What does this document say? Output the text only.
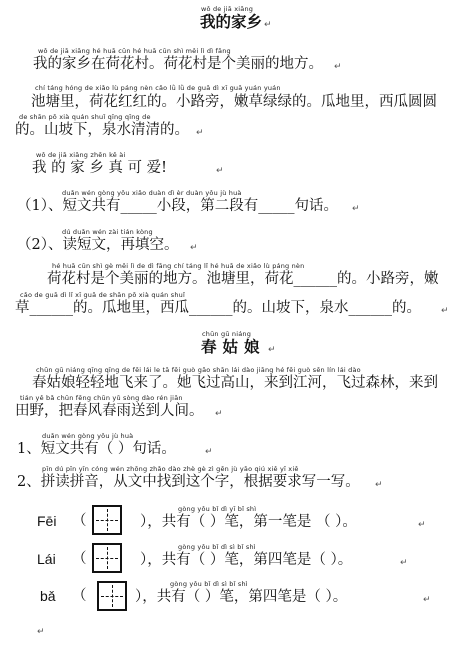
wǒ de jiā xiāng
我的家乡
wǒ de jiā xiāng hé huā cūn hé huā cūn shì měi lì dì fāng
我的家乡在荷花村。荷花村是个美丽的地方。
chí táng hóng de xiǎo lù páng nèn cǎo lǜ lǜ de guā dì xī guā yuán yuán
池塘里，荷花红红的。小路旁，嫩草绿绿的。瓜地里，西瓜圆圆
de shān pō xià quán shuǐ qīng qīng de
的。山坡下，泉水清清的。
wǒ de jiā xiāng zhēn kě ài
我 的 家 乡 真 可 爱!
duǎn wén gòng yǒu xiǎo duàn dì èr duàn yǒu jù huà
（1）、短文共有_____小段，第二段有_____句话。
dú duǎn wén zài tián kòng
（2）、读短文，再填空。
hé huā cūn shì gè měi lì de dì fāng chí táng lǐ hé huā de xiǎo lù páng nèn
荷花村是个美丽的地方。池塘里，荷花______的。小路旁，嫩
cǎo de guā dì lǐ xī guā de shān pō xià quán shuǐ
草______的。瓜地里，西瓜______的。山坡下，泉水______的。
chūn gū niáng
春姑娘
chūn gū niáng qīng qīng de fēi lái le tā fēi guò gāo shān lái dào jiāng hé fēi guò sēn lín lái dào
春姑娘轻轻地飞来了。她飞过高山，来到江河，飞过森林，来到
tián yě bǎ chūn fēng chūn yǔ sòng dào rén jiān
田野，把春风春雨送到人间。
duǎn wén gòng yǒu jù huà
1、短文共有（ ）句话。
pīn dú pīn yīn cóng wén zhōng zhǎo dào zhè gè zì gēn jù yāo qiú xiě yī xiě
2、拼读拼音，从文中找到这个字，根据要求写一写。
Fēi （
gòng yǒu bǐ dì yī bǐ shì
），共有（ ）笔，第一笔是 （ ）。
Lái （
gòng yǒu bǐ dì sì bǐ shì
），共有（ ）笔，第四笔是（ ）。
bǎ （
gòng yǒu bǐ dì sì bǐ shì
），共有（ ）笔，第四笔是（ ）。
↵
↵
↵
↵
↵
↵
↵
↵
↵
↵
↵
↵
↵
↵
↵
